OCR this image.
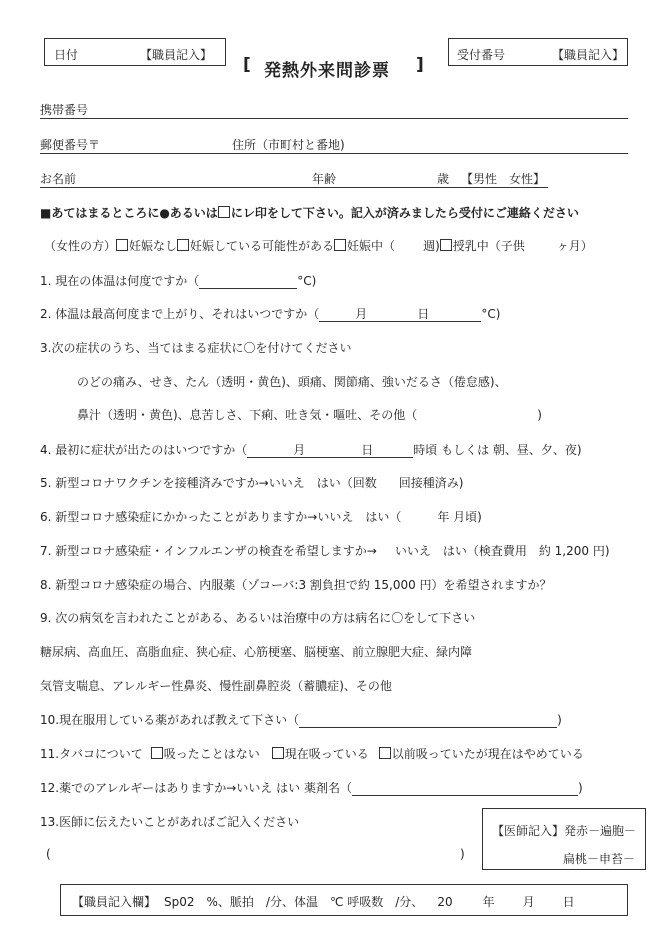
日付	【職員記入】 [ 発熱外来問診票 ]	受付番号	【職員記入】
携帯番号
郵便番号〒	住所（市町村と番地)
お名前	年齢	歳 【男性　女性】
■あてはまるところに●あるいは にレ印をして下さい。記入が済みましたら受付にご連絡ください
（女性の方） 妊娠なし 妊娠している可能性がある 妊娠中（ 週) 授乳中（子供	ヶ月）
1. 現在の体温は何度ですか（	°C)
2. 体温は最高何度まで上がり、それはいつですか（	月	日	°C)
3.次の症状のうち、当てはまる症状に〇を付けてください
のどの痛み、せき、たん（透明・黄色)、頭痛、関節痛、強いだるさ（倦怠感)、
鼻汁（透明・黄色)、息苦しさ、下痢、吐き気・嘔吐、その他（	)
4. 最初に症状が出たのはいつですか（	月	日	時頃 もしくは 朝、昼、夕、夜)
5. 新型コロナワクチンを接種済みですか→いいえ　はい（回数 回接種済み)
6. 新型コロナ感染症にかかったことがありますか→いいえ　はい（	年 月頃)
7. 新型コロナ感染症・インフルエンザの検査を希望しますか→ いいえ　はい（検査費用　約 1,200 円)
8. 新型コロナ感染症の場合、内服薬（ゾコーバ:3 割負担で約 15,000 円）を希望されますか？
9. 次の病気を言われたことがある、あるいは治療中の方は病名に〇をして下さい
糖尿病、高血圧、高脂血症、狭心症、心筋梗塞、脳梗塞、前立腺肥大症、緑内障
気管支喘息、アレルギー性鼻炎、慢性副鼻腔炎（蓄膿症)、その他
10.現在服用している薬があれば教えて下さい（	)
11.タバコについて 吸ったことはない 現在吸っている 以前吸っていたが現在はやめている
12.薬でのアレルギーはありますか→いいえ はい 薬剤名（	)
13.医師に伝えたいことがあればご記入ください
(	)
【医師記入】発赤－遍胞－
扁桃－申苔－
【職員記入欄】 Sp02　%、脈拍　/分、体温　℃ 呼吸数　/分、 20	年 月 日
